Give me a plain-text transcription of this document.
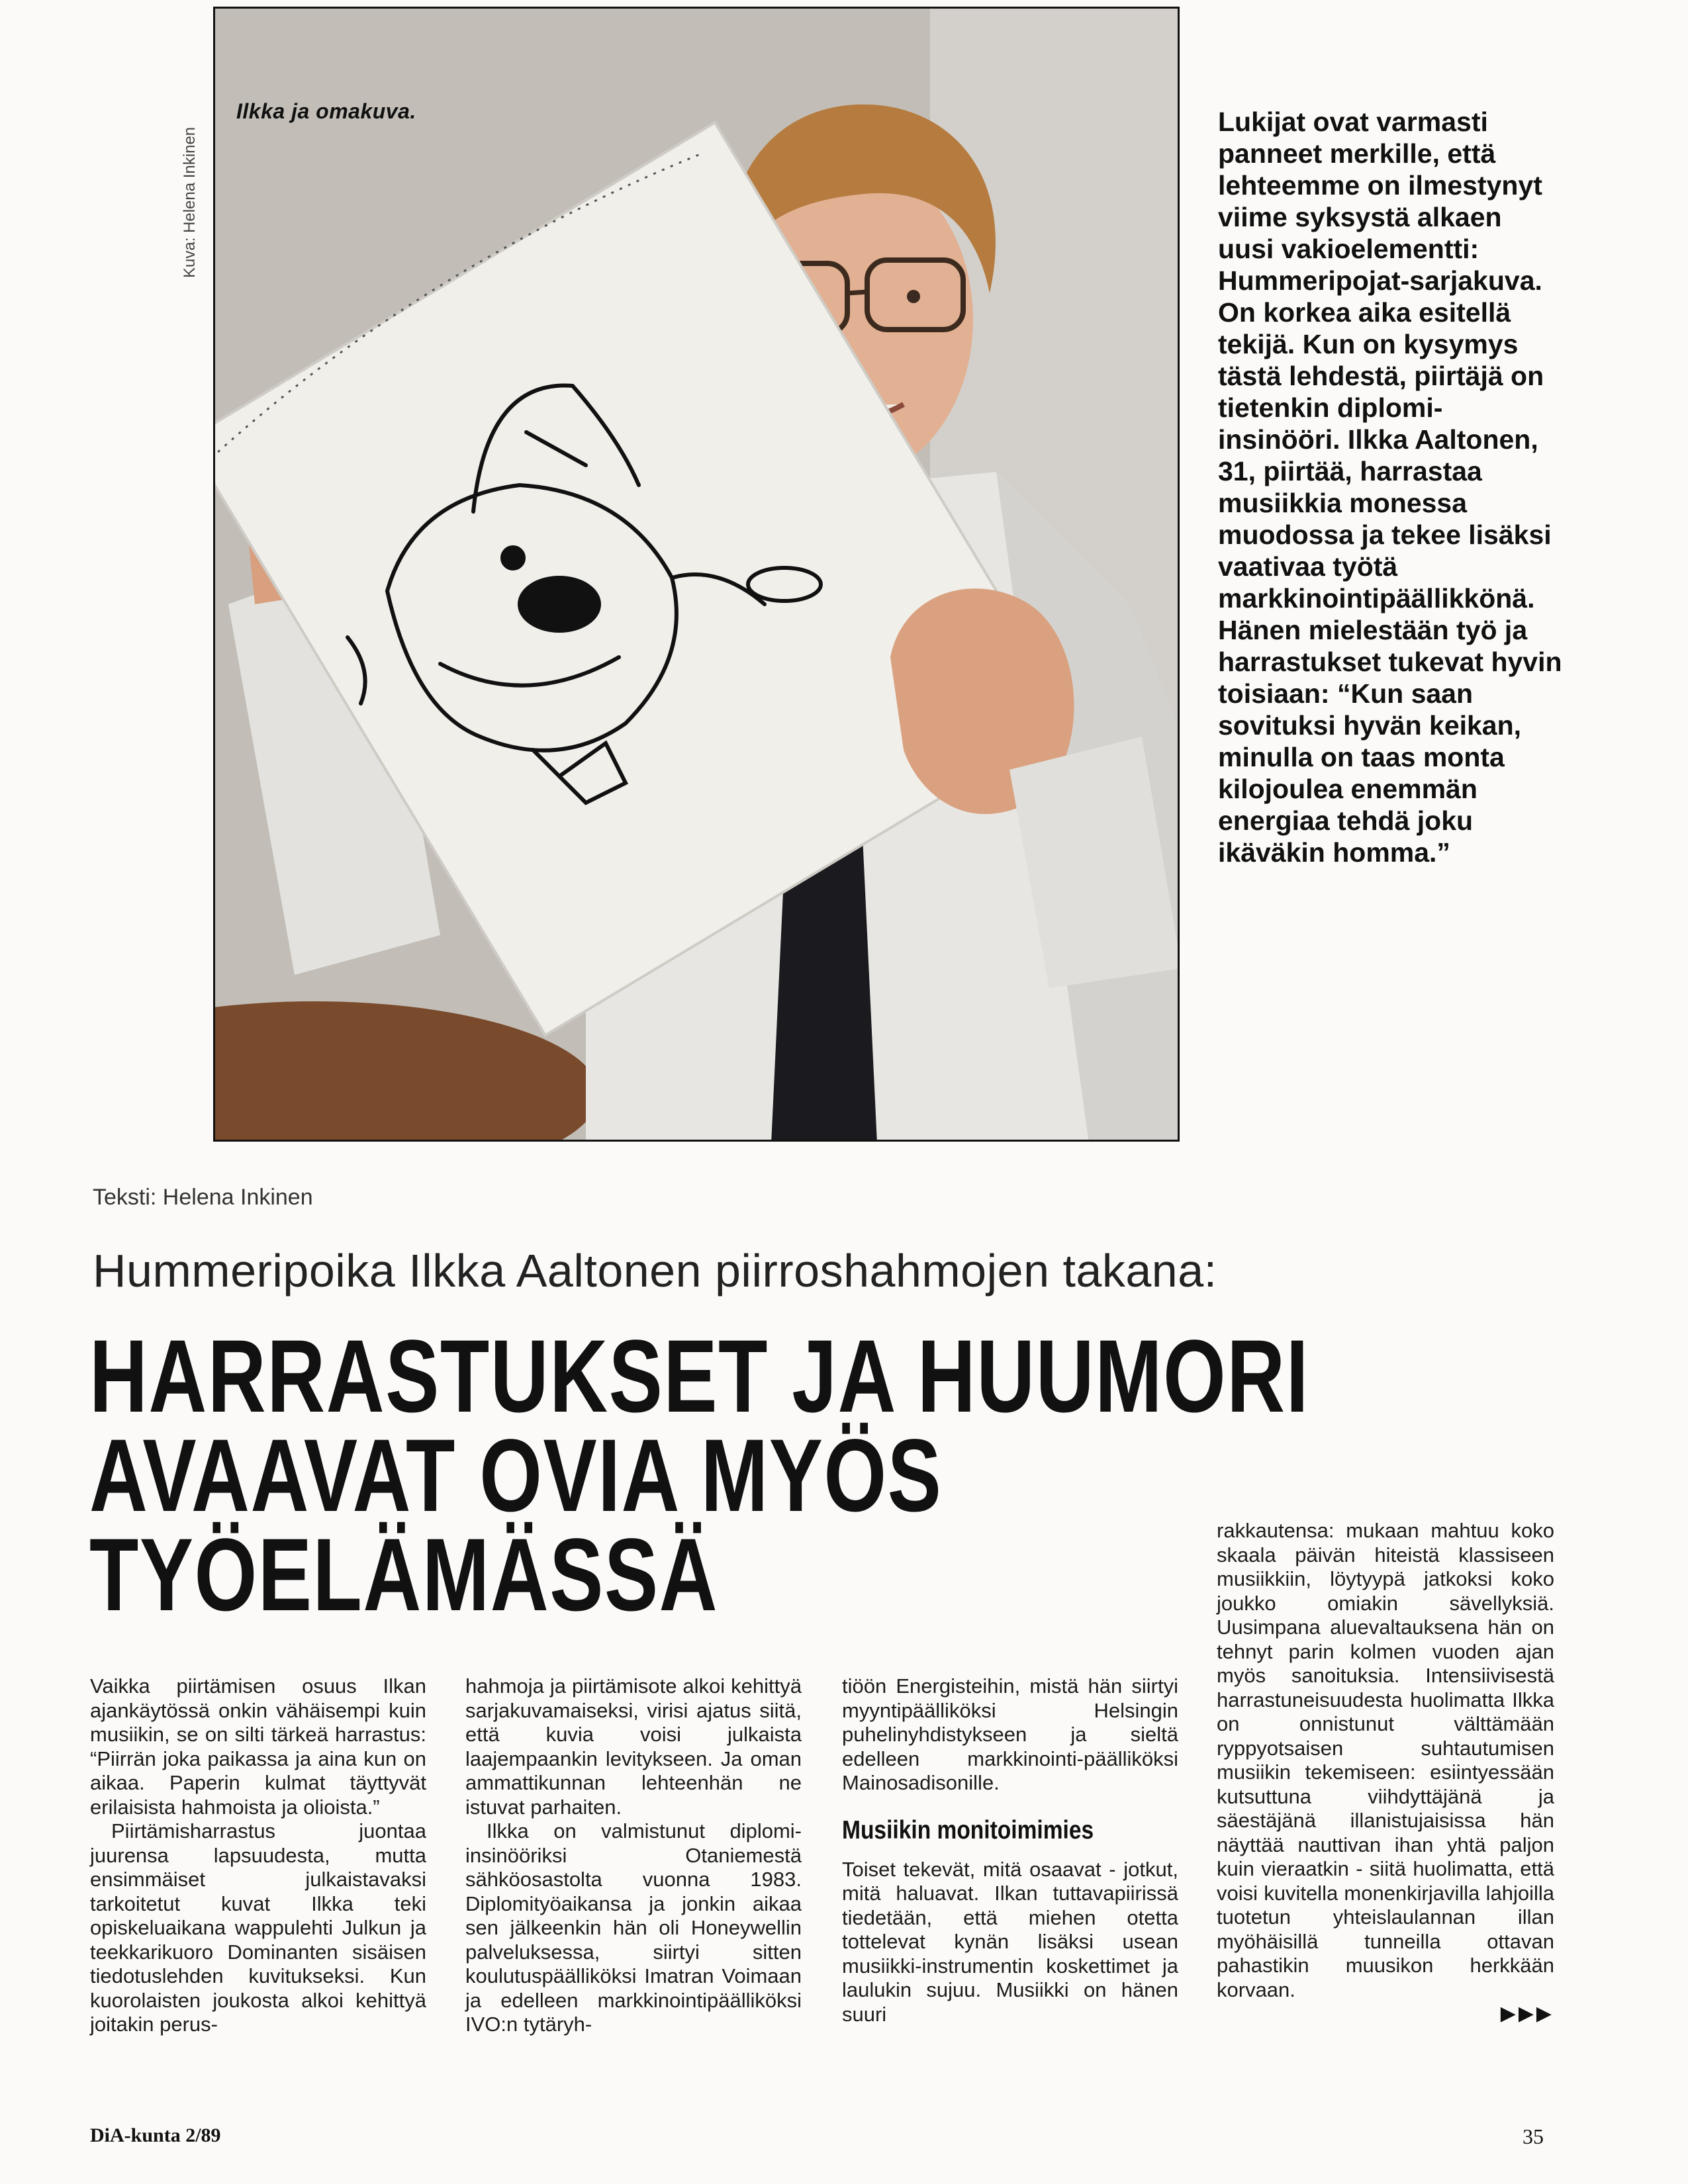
Ilkka ja omakuva.
Kuva: Helena Inkinen

Lukijat ovat varmasti panneet merkille, että lehteemme on ilmestynyt viime syksystä alkaen uusi vakioelementti: Hummeripojat-sarjakuva. On korkea aika esitellä tekijä. Kun on kysymys tästä lehdestä, piirtäjä on tietenkin diplomi-insinööri. Ilkka Aaltonen, 31, piirtää, harrastaa musiikkia monessa muodossa ja tekee lisäksi vaativaa työtä markkinointipäällikkönä. Hänen mielestään työ ja harrastukset tukevat hyvin toisiaan: “Kun saan sovituksi hyvän keikan, minulla on taas monta kilojoulea enemmän energiaa tehdä joku ikäväkin homma.”

Teksti: Helena Inkinen
Hummeripoika Ilkka Aaltonen piirroshahmojen takana:
HARRASTUKSET JA HUUMORI
AVAAVAT OVIA MYÖS
TYÖELÄMÄSSÄ

Vaikka piirtämisen osuus Ilkan ajankäytössä onkin vähäisempi kuin musiikin, se on silti tärkeä harrastus: “Piirrän joka paikassa ja aina kun on aikaa. Paperin kulmat täyttyvät erilaisista hahmoista ja olioista.”

Piirtämisharrastus juontaa juurensa lapsuudesta, mutta ensimmäiset julkaistavaksi tarkoitetut kuvat Ilkka teki opiskeluaikana wappulehti Julkun ja teekkarikuoro Dominanten sisäisen tiedotuslehden kuvitukseksi. Kun kuorolaisten joukosta alkoi kehittyä joitakin perus-

hahmoja ja piirtämisote alkoi kehittyä sarjakuvamaiseksi, virisi ajatus siitä, että kuvia voisi julkaista laajempaankin levitykseen. Ja oman ammattikunnan lehteenhän ne istuvat parhaiten.

Ilkka on valmistunut diplomi-insinööriksi Otaniemestä sähköosastolta vuonna 1983. Diplomityöaikansa ja jonkin aikaa sen jälkeenkin hän oli Honeywellin palveluksessa, siirtyi sitten koulutuspäälliköksi Imatran Voimaan ja edelleen markkinointipäälliköksi IVO:n tytäryh-

tiöön Energisteihin, mistä hän siirtyi myyntipäälliköksi Helsingin puhelinyhdistykseen ja sieltä edelleen markkinointi-päälliköksi Mainosadisonille.

Musiikin monitoimimies

Toiset tekevät, mitä osaavat - jotkut, mitä haluavat. Ilkan tuttavapiirissä tiedetään, että miehen otetta tottelevat kynän lisäksi usean musiikki-instrumentin koskettimet ja laulukin sujuu. Musiikki on hänen suuri

rakkautensa: mukaan mahtuu koko skaala päivän hiteistä klassiseen musiikkiin, löytyypä jatkoksi koko joukko omiakin sävellyksiä. Uusimpana aluevaltauksena hän on tehnyt parin kolmen vuoden ajan myös sanoituksia. Intensiivisestä harrastuneisuudesta huolimatta Ilkka on onnistunut välttämään ryppyotsaisen suhtautumisen musiikin tekemiseen: esiintyessään kutsuttuna viihdyttäjänä ja säestäjänä illanistujaisissa hän näyttää nauttivan ihan yhtä paljon kuin vieraatkin - siitä huolimatta, että voisi kuvitella monenkirjavilla lahjoilla tuotetun yhteislaulannan illan myöhäisillä tunneilla ottavan pahastikin muusikon herkkään korvaan.

▶▶▶
DiA-kunta 2/89	35
